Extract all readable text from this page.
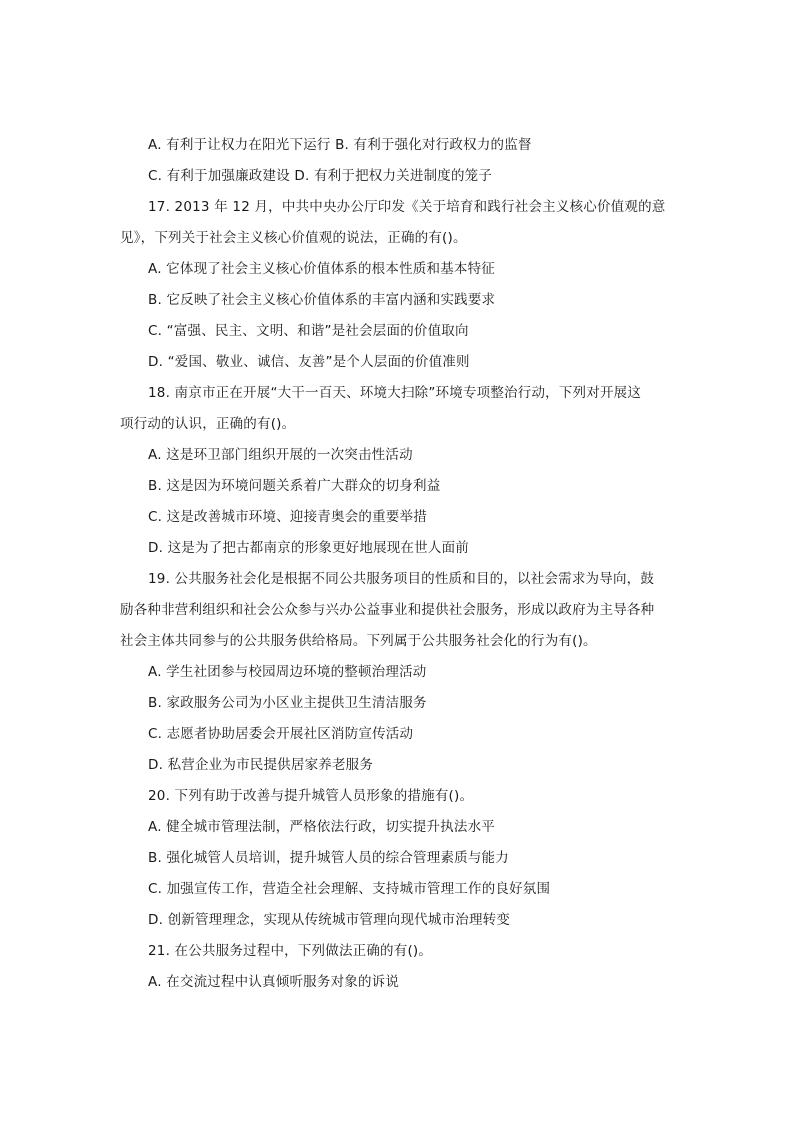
A. 有利于让权力在阳光下运行 B. 有利于强化对行政权力的监督
C. 有利于加强廉政建设 D. 有利于把权力关进制度的笼子
17. 2013 年 12 月，中共中央办公厅印发《关于培育和践行社会主义核心价值观的意
见》，下列关于社会主义核心价值观的说法，正确的有()。
A. 它体现了社会主义核心价值体系的根本性质和基本特征
B. 它反映了社会主义核心价值体系的丰富内涵和实践要求
C. “富强、民主、文明、和谐”是社会层面的价值取向
D. “爱国、敬业、诚信、友善”是个人层面的价值准则
18. 南京市正在开展“大干一百天、环境大扫除”环境专项整治行动，下列对开展这
项行动的认识，正确的有()。
A. 这是环卫部门组织开展的一次突击性活动
B. 这是因为环境问题关系着广大群众的切身利益
C. 这是改善城市环境、迎接青奥会的重要举措
D. 这是为了把古都南京的形象更好地展现在世人面前
19. 公共服务社会化是根据不同公共服务项目的性质和目的，以社会需求为导向，鼓
励各种非营利组织和社会公众参与兴办公益事业和提供社会服务，形成以政府为主导各种
社会主体共同参与的公共服务供给格局。下列属于公共服务社会化的行为有()。
A. 学生社团参与校园周边环境的整顿治理活动
B. 家政服务公司为小区业主提供卫生清洁服务
C. 志愿者协助居委会开展社区消防宣传活动
D. 私营企业为市民提供居家养老服务
20. 下列有助于改善与提升城管人员形象的措施有()。
A. 健全城市管理法制，严格依法行政，切实提升执法水平
B. 强化城管人员培训，提升城管人员的综合管理素质与能力
C. 加强宣传工作，营造全社会理解、支持城市管理工作的良好氛围
D. 创新管理理念，实现从传统城市管理向现代城市治理转变
21. 在公共服务过程中，下列做法正确的有()。
A. 在交流过程中认真倾听服务对象的诉说
